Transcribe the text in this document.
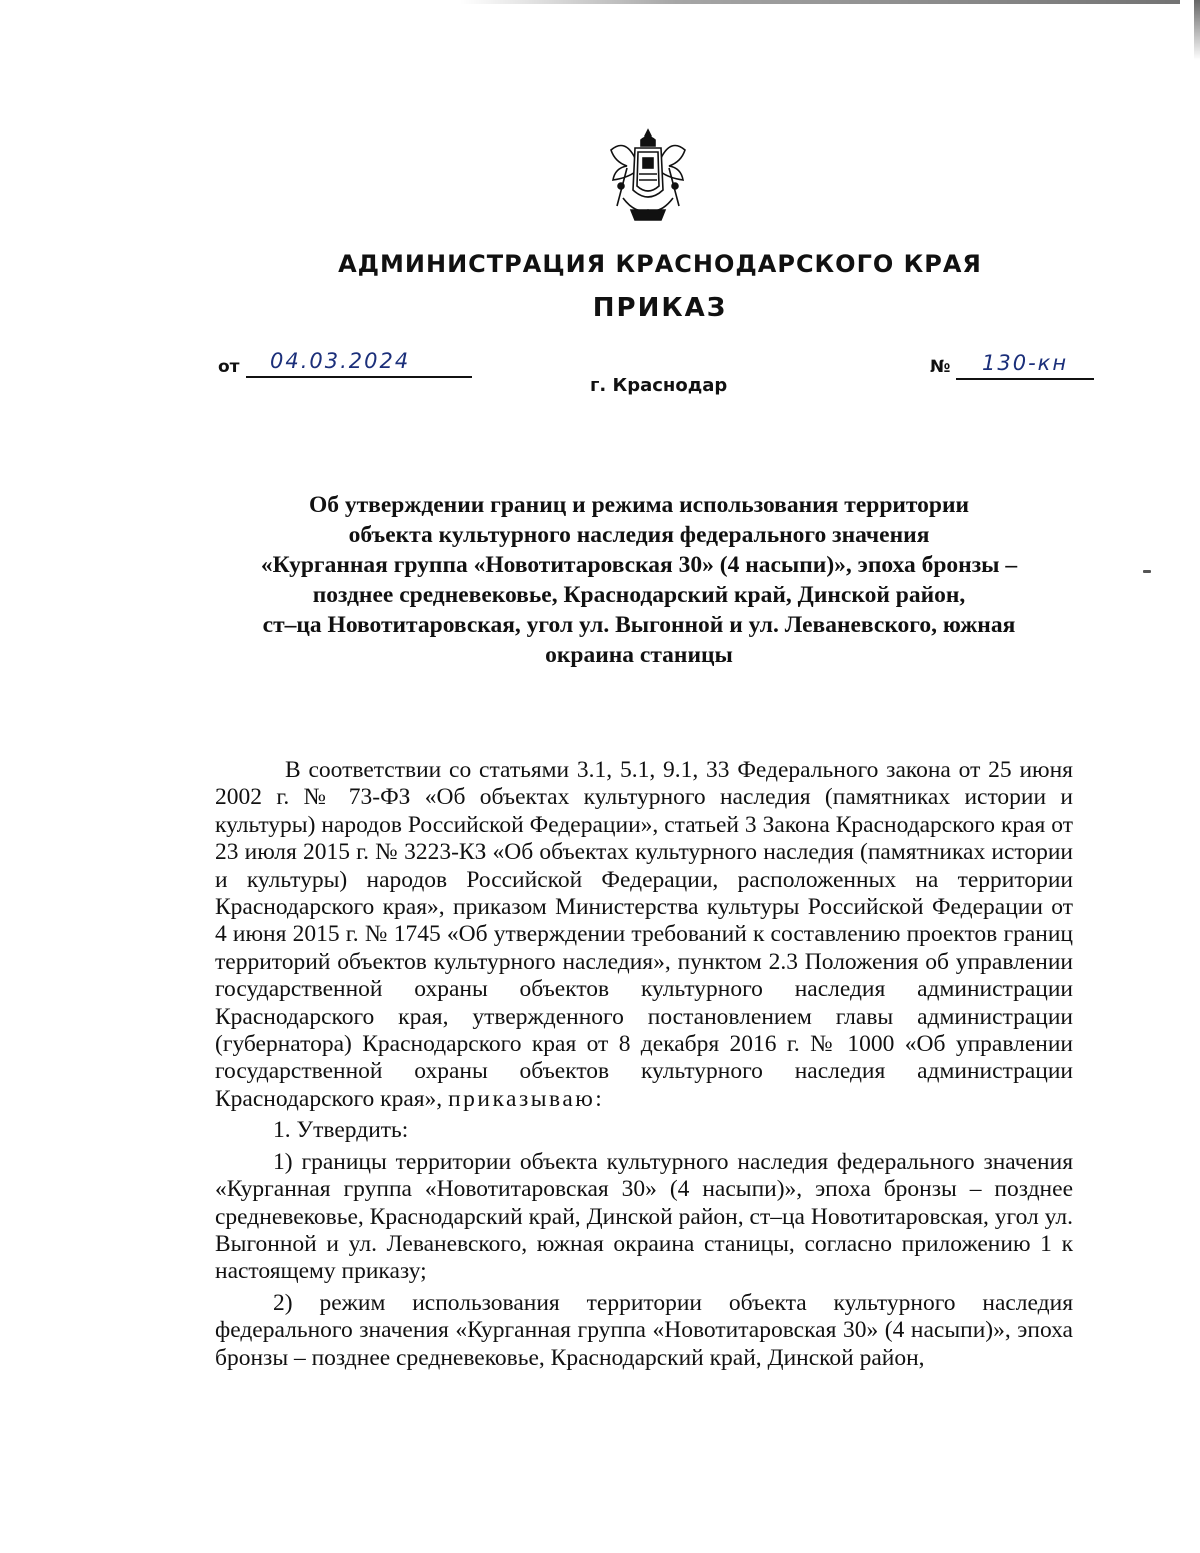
АДМИНИСТРАЦИЯ КРАСНОДАРСКОГО КРАЯ
ПРИКАЗ
от 04.03.2024
г. Краснодар
№ 130-кн
Об утверждении границ и режима использования территории
объекта культурного наследия федерального значения
«Курганная группа «Новотитаровская 30» (4 насыпи)», эпоха бронзы –
позднее средневековье, Краснодарский край, Динской район,
ст–ца Новотитаровская, угол ул. Выгонной и ул. Леваневского, южная
окраина станицы

В соответствии со статьями 3.1, 5.1, 9.1, 33 Федерального закона от 25 июня 2002 г. № 73-ФЗ «Об объектах культурного наследия (памятниках истории и культуры) народов Российской Федерации», статьей 3 Закона Краснодарского края от 23 июля 2015 г. № 3223-КЗ «Об объектах культурного наследия (памятниках истории и культуры) народов Российской Федерации, расположенных на территории Краснодарского края», приказом Министерства культуры Российской Федерации от 4 июня 2015 г. № 1745 «Об утверждении требований к составлению проектов границ территорий объектов культурного наследия», пунктом 2.3 Положения об управлении государственной охраны объектов культурного наследия администрации Краснодарского края, утвержденного постановлением главы администрации (губернатора) Краснодарского края от 8 декабря 2016 г. № 1000 «Об управлении государственной охраны объектов культурного наследия администрации Краснодарского края», приказываю:

1. Утвердить:

1) границы территории объекта культурного наследия федерального значения «Курганная группа «Новотитаровская 30» (4 насыпи)», эпоха бронзы – позднее средневековье, Краснодарский край, Динской район, ст–ца Новотитаровская, угол ул. Выгонной и ул. Леваневского, южная окраина станицы, согласно приложению 1 к настоящему приказу;

2) режим использования территории объекта культурного наследия федерального значения «Курганная группа «Новотитаровская 30» (4 насыпи)», эпоха бронзы – позднее средневековье, Краснодарский край, Динской район,
